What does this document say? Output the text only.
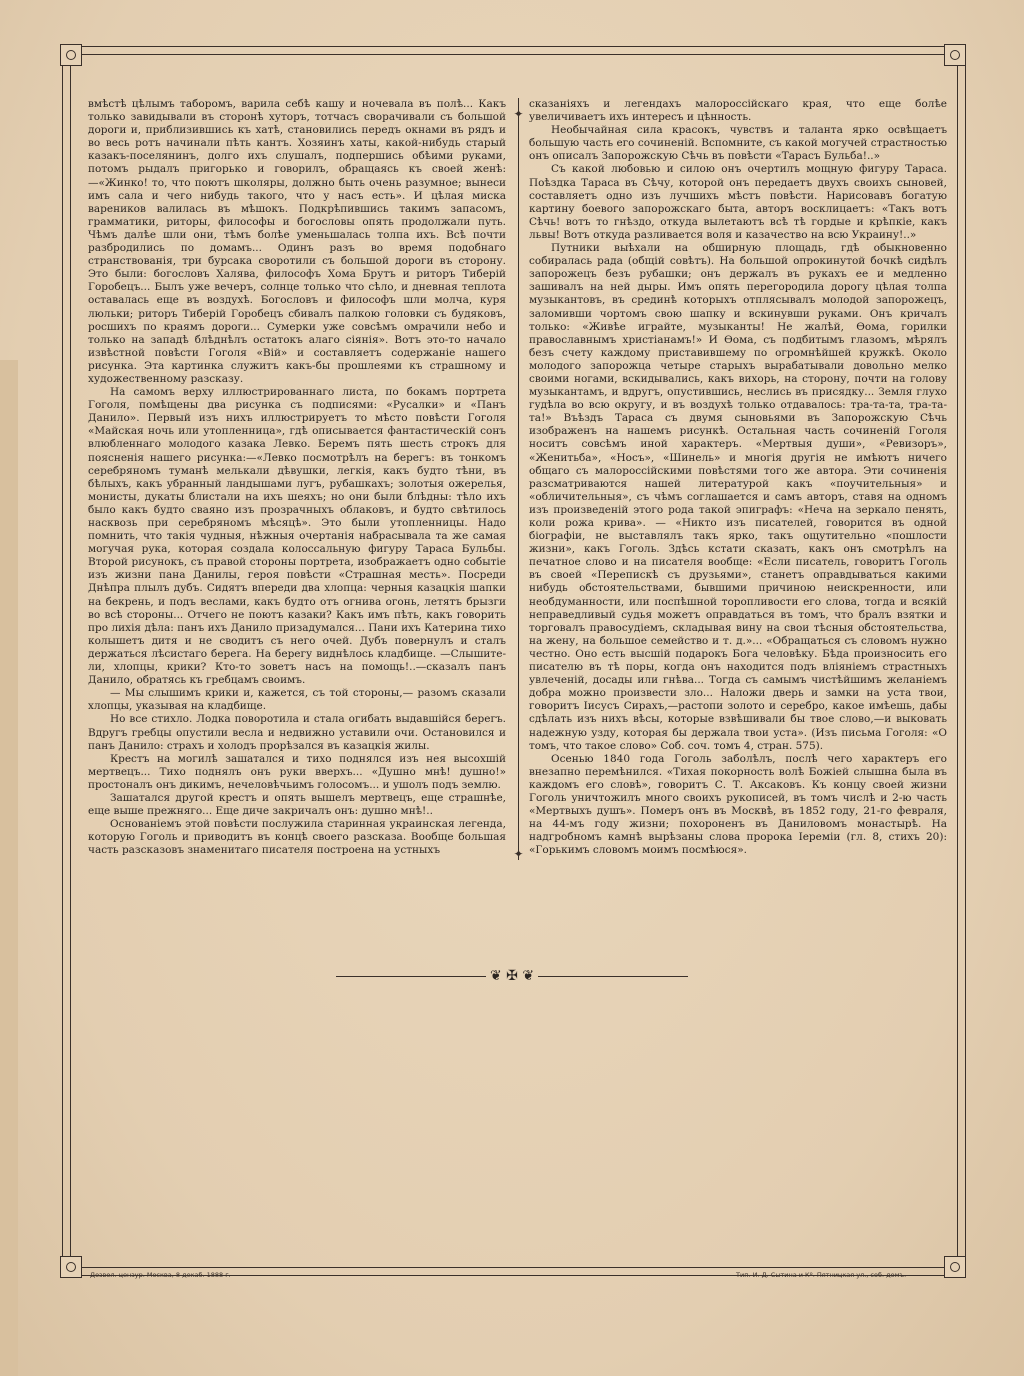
вмѣстѣ цѣлымъ таборомъ, варила себѣ кашу и ночевала въ полѣ... Какъ только завидывали въ сторонѣ хуторъ, тотчасъ сворачивали съ большой дороги и, приблизившись къ хатѣ, становились передъ окнами въ рядъ и во весь ротъ начинали пѣть кантъ. Хозяинъ хаты, какой-нибудь старый казакъ-поселянинъ, долго ихъ слушалъ, подпершись обѣими руками, потомъ рыдалъ пригорько и говорилъ, обращаясь къ своей женѣ: —«Жинко! то, что поютъ школяры, должно быть очень разумное; вынеси имъ сала и чего нибудь такого, что у насъ есть». И цѣлая миска вареников валилась въ мѣшокъ. Подкрѣпившись такимъ запасомъ, грамматики, риторы, философы и богословы опять продолжали путь. Чѣмъ далѣе шли они, тѣмъ болѣе уменьшалась толпа ихъ. Всѣ почти разбродились по домамъ... Одинъ разъ во время подобнаго странствованія, три бурсака своротили съ большой дороги въ сторону. Это были: богословъ Халява, философъ Хома Брутъ и риторъ Тиберій Горобецъ... Былъ уже вечеръ, солнце только что сѣло, и дневная теплота оставалась еще въ воздухѣ. Богословъ и философъ шли молча, куря люльки; риторъ Тиберій Горобецъ сбивалъ палкою головки съ будяковъ, росшихъ по краямъ дороги... Сумерки уже совсѣмъ омрачили небо и только на западѣ блѣднѣлъ остатокъ алаго сіянія». Вотъ это-то начало извѣстной повѣсти Гоголя «Вій» и составляетъ содержаніе нашего рисунка. Эта картинка служитъ какъ-бы прошлеями къ страшному и художественному разсказу.

На самомъ верху иллюстрированнаго листа, по бокамъ портрета Гоголя, помѣщены два рисунка съ подписями: «Русалки» и «Панъ Данило». Первый изъ нихъ иллюстрируетъ то мѣсто повѣсти Гоголя «Майская ночь или утопленница», гдѣ описывается фантастическій сонъ влюбленнаго молодого казака Левко. Беремъ пять шесть строкъ для поясненія нашего рисунка:—«Левко посмотрѣлъ на берегъ: въ тонкомъ серебряномъ туманѣ мелькали дѣвушки, легкія, какъ будто тѣни, въ бѣлыхъ, какъ убранный ландышами лугъ, рубашкахъ; золотыя ожерелья, мониcты, дукаты блистали на ихъ шеяхъ; но они были блѣдны: тѣло ихъ было какъ будто сваяно изъ прозрачныхъ облаковъ, и будто свѣтилось насквозь при серебряномъ мѣсяцѣ». Это были утопленницы. Надо помнить, что такія чудныя, нѣжныя очертанія набрасывала та же самая могучая рука, которая создала колоссальную фигуру Тараса Бульбы. Второй рисунокъ, съ правой стороны портрета, изображаетъ одно событіе изъ жизни пана Данилы, героя повѣсти «Страшная месть». Посреди Днѣпра плылъ дубъ. Сидятъ впереди два хлопца: черныя казацкія шапки на бекрень, и подъ веслами, какъ будто отъ огнива огонь, летятъ брызги во всѣ стороны... Отчего не поютъ казаки? Какъ имъ пѣть, какъ говорить про лихія дѣла: панъ ихъ Данило призадумался... Пани ихъ Катерина тихо колышетъ дитя и не сводитъ съ него очей. Дубъ повернулъ и сталъ держаться лѣсистаго берега. На берегу виднѣлось кладбище. —Слышите-ли, хлопцы, крики? Кто-то зоветъ насъ на помощь!..—сказалъ панъ Данило, обратясь къ гребцамъ своимъ.

— Мы слышимъ крики и, кажется, съ той стороны,— разомъ сказали хлопцы, указывая на кладбище.

Но все стихло. Лодка поворотила и стала огибать выдавшійся берегъ. Вдругъ гребцы опустили весла и недвижно уставили очи. Остановился и панъ Данило: страхъ и холодъ прорѣзался въ казацкія жилы.

Крестъ на могилѣ зашатался и тихо поднялся изъ нея высохшій мертвецъ... Тихо поднялъ онъ руки вверхъ... «Душно мнѣ! душно!» простоналъ онъ дикимъ, нечеловѣчьимъ голосомъ... и ушолъ подъ землю.

Зашатался другой крестъ и опять вышелъ мертвецъ, еще страшнѣе, еще выше прежняго... Еще диче закричалъ онъ: душно мнѣ!..

Основаніемъ этой повѣсти послужила старинная украинская легенда, которую Гоголь и приводитъ въ концѣ своего разсказа. Вообще большая часть разсказовъ знаменитаго писателя построена на устныхъ

✦
✦

сказаніяхъ и легендахъ малороссійскаго края, что еще болѣе увеличиваетъ ихъ интересъ и цѣнность.

Необычайная сила красокъ, чувствъ и таланта ярко освѣщаетъ большую часть его сочиненій. Вспомните, съ какой могучей страстностью онъ описалъ Запорожскую Сѣчь въ повѣсти «Тарасъ Бульба!..»

Съ какой любовью и силою онъ очертилъ мощную фигуру Тараса. Поѣздка Тараса въ Сѣчу, которой онъ передаетъ двухъ своихъ сыновей, составляетъ одно изъ лучшихъ мѣстъ повѣсти. Нарисовавъ богатую картину боевого запорожскаго быта, авторъ восклицаетъ: «Такъ вотъ Сѣчь! вотъ то гнѣздо, откуда вылетаютъ всѣ тѣ гордые и крѣпкіе, какъ львы! Вотъ откуда разливается воля и казачество на всю Украину!..»

Путники выѣхали на обширную площадь, гдѣ обыкновенно собиралась рада (общій совѣтъ). На большой опрокинутой бочкѣ сидѣлъ запорожецъ безъ рубашки; онъ держалъ въ рукахъ ее и медленно зашивалъ на ней дыры. Имъ опять перегородила дорогу цѣлая толпа музыкантовъ, въ срединѣ которыхъ отплясывалъ молодой запорожецъ, заломивши чортомъ свою шапку и вскинувши руками. Онъ кричалъ только: «Живѣе играйте, музыканты! Не жалѣй, Ѳома, горилки православнымъ христіанамъ!» И Ѳома, съ подбитымъ глазомъ, мѣрялъ безъ счету каждому приставившему по огромнѣйшей кружкѣ. Около молодого запорожца четыре старыхъ вырабатывали довольно мелко своими ногами, вскидывались, какъ вихорь, на сторону, почти на голову музыкантамъ, и вдругъ, опустившись, неслись въ присядку... Земля глухо гудѣла во всю округу, и въ воздухѣ только отдавалось: тра-та-та, тра-та-та!» Въѣздъ Тараса съ двумя сыновьями въ Запорожскую Сѣчь изображенъ на нашемъ рисункѣ. Остальная часть сочиненій Гоголя носитъ совсѣмъ иной характеръ. «Мертвыя души», «Ревизоръ», «Женитьба», «Носъ», «Шинель» и многія другія не имѣютъ ничего общаго съ малороссійскими повѣстями того же автора. Эти сочиненія разсматриваются нашей литературой какъ «поучительныя» и «обличительныя», съ чѣмъ соглашается и самъ авторъ, ставя на одномъ изъ произведеній этого рода такой эпиграфъ: «Неча на зеркало пенять, коли рожа крива». — «Никто изъ писателей, говорится въ одной біографіи, не выставлялъ такъ ярко, такъ ощутительно «пошлости жизни», какъ Гоголь. Здѣсь кстати сказать, какъ онъ смотрѣлъ на печатное слово и на писателя вообще: «Если писатель, говоритъ Гоголь въ своей «Перепискѣ съ друзьями», станетъ оправдываться какими нибудь обстоятельствами, бывшими причиною неискренности, или необдуманности, или поспѣшной торопливости его слова, тогда и всякій неправедливый судья можетъ оправдаться въ томъ, что бралъ взятки и торговалъ правосудіемъ, складывая вину на свои тѣсныя обстоятельства, на жену, на большое семейство и т. д.»... «Обращаться съ словомъ нужно честно. Оно есть высшій подарокъ Бога человѣку. Бѣда произносить его писателю въ тѣ поры, когда онъ находится подъ вліяніемъ страстныхъ увлеченій, досады или гнѣва... Тогда съ самымъ чистѣйшимъ желаніемъ добра можно произвести зло... Наложи дверь и замки на уста твои, говоритъ Іисусъ Сирахъ,—растопи золото и серебро, какое имѣешь, дабы сдѣлать изъ нихъ вѣсы, которые взвѣшивали бы твое слово,—и выковать надежную узду, которая бы держала твои уста». (Изъ письма Гоголя: «О томъ, что такое слово» Соб. соч. томъ 4, стран. 575).

Осенью 1840 года Гоголь заболѣлъ, послѣ чего характеръ его внезапно перемѣнился. «Тихая покорность волѣ Божіей слышна была въ каждомъ его словѣ», говоритъ С. Т. Аксаковъ. Къ концу своей жизни Гоголь уничтожилъ много своихъ рукописей, въ томъ числѣ и 2-ю часть «Мертвыхъ душъ». Померъ онъ въ Москвѣ, въ 1852 году, 21-го февраля, на 44-мъ году жизни; похороненъ въ Даниловомъ монастырѣ. На надгробномъ камнѣ вырѣзаны слова пророка Іереміи (гл. 8, стихъ 20): «Горькимъ словомъ моимъ посмѣюся».

❦ ✠ ❦
Дозвол. цензур. Москва, 8 декаб. 1888 г.	Тип. И. Д. Сытина и Кº. Пятницкая ул., соб. домъ.
